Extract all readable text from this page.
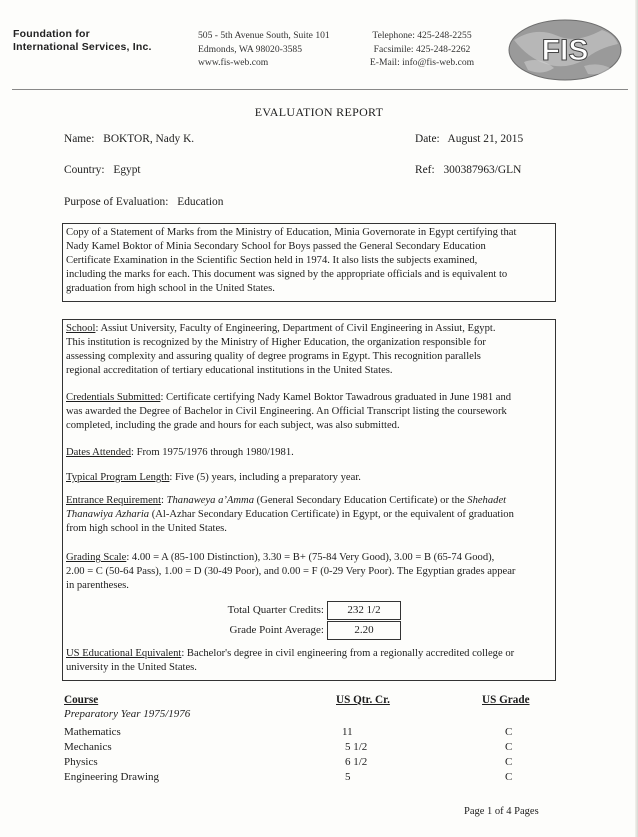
Foundation for
International Services, Inc.
505 - 5th Avenue South, Suite 101
Edmonds, WA 98020-3585
www.fis-web.com
Telephone: 425-248-2255
Facsimile: 425-248-2262
E-Mail: info@fis-web.com	FIS
EVALUATION REPORT
Name: BOKTOR, Nady K.	Date: August 21, 2015
Country: Egypt	Ref: 300387963/GLN
Purpose of Evaluation: Education
Copy of a Statement of Marks from the Ministry of Education, Minia Governorate in Egypt certifying that
Nady Kamel Boktor of Minia Secondary School for Boys passed the General Secondary Education
Certificate Examination in the Scientific Section held in 1974. It also lists the subjects examined,
including the marks for each. This document was signed by the appropriate officials and is equivalent to
graduation from high school in the United States.
School: Assiut University, Faculty of Engineering, Department of Civil Engineering in Assiut, Egypt.
This institution is recognized by the Ministry of Higher Education, the organization responsible for
assessing complexity and assuring quality of degree programs in Egypt. This recognition parallels
regional accreditation of tertiary educational institutions in the United States.
Credentials Submitted: Certificate certifying Nady Kamel Boktor Tawadrous graduated in June 1981 and
was awarded the Degree of Bachelor in Civil Engineering. An Official Transcript listing the coursework
completed, including the grade and hours for each subject, was also submitted.
Dates Attended: From 1975/1976 through 1980/1981.
Typical Program Length: Five (5) years, including a preparatory year.
Entrance Requirement: Thanaweya a’Amma (General Secondary Education Certificate) or the Shehadet
Thanawiya Azharia (Al-Azhar Secondary Education Certificate) in Egypt, or the equivalent of graduation
from high school in the United States.
Grading Scale: 4.00 = A (85-100 Distinction), 3.30 = B+ (75-84 Very Good), 3.00 = B (65-74 Good),
2.00 = C (50-64 Pass), 1.00 = D (30-49 Poor), and 0.00 = F (0-29 Very Poor). The Egyptian grades appear
in parentheses.
Total Quarter Credits:	232 1/2
Grade Point Average:	2.20
US Educational Equivalent: Bachelor's degree in civil engineering from a regionally accredited college or
university in the United States.
Course	US Qtr. Cr.	US Grade
Preparatory Year 1975/1976
Mathematics	11	C
Mechanics	5 1/2	C
Physics	6 1/2	C
Engineering Drawing	5	C
Page 1 of 4 Pages
